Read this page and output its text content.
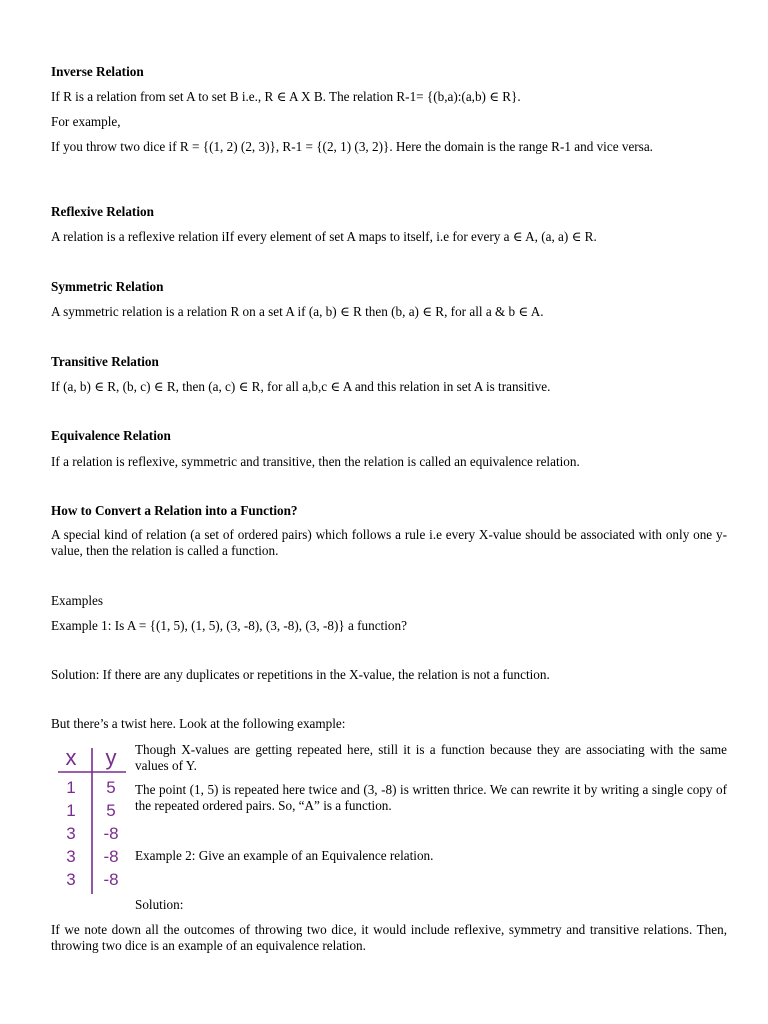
Inverse Relation

If R is a relation from set A to set B i.e., R ∈ A X B. The relation R-1= {(b,a):(a,b) ∈ R}.

For example,

If you throw two dice if R = {(1, 2) (2, 3)}, R-1 = {(2, 1) (3, 2)}. Here the domain is the range R-1 and vice versa.

Reflexive Relation

A relation is a reflexive relation iIf every element of set A maps to itself, i.e for every a ∈ A, (a, a) ∈ R.

Symmetric Relation

A symmetric relation is a relation R on a set A if (a, b) ∈ R then (b, a) ∈ R, for all a & b ∈ A.

Transitive Relation

If (a, b) ∈ R, (b, c) ∈ R, then (a, c) ∈ R, for all a,b,c ∈ A and this relation in set A is transitive.

Equivalence Relation

If a relation is reflexive, symmetric and transitive, then the relation is called an equivalence relation.

How to Convert a Relation into a Function?

A special kind of relation (a set of ordered pairs) which follows a rule i.e every X-value should be associated with only one y-value, then the relation is called a function.

Examples

Example 1: Is A = {(1, 5), (1, 5), (3, -8), (3, -8), (3, -8)} a function?

Solution: If there are any duplicates or repetitions in the X-value, the relation is not a function.

But there’s a twist here. Look at the following example:

x y
1 5
1 5
3 -8
3 -8
3 -8

Though X-values are getting repeated here, still it is a function because they are associating with the same values of Y.

The point (1, 5) is repeated here twice and (3, -8) is written thrice. We can rewrite it by writing a single copy of the repeated ordered pairs. So, “A” is a function.

Example 2: Give an example of an Equivalence relation.

Solution:

If we note down all the outcomes of throwing two dice, it would include reflexive, symmetry and transitive relations. Then, throwing two dice is an example of an equivalence relation.
